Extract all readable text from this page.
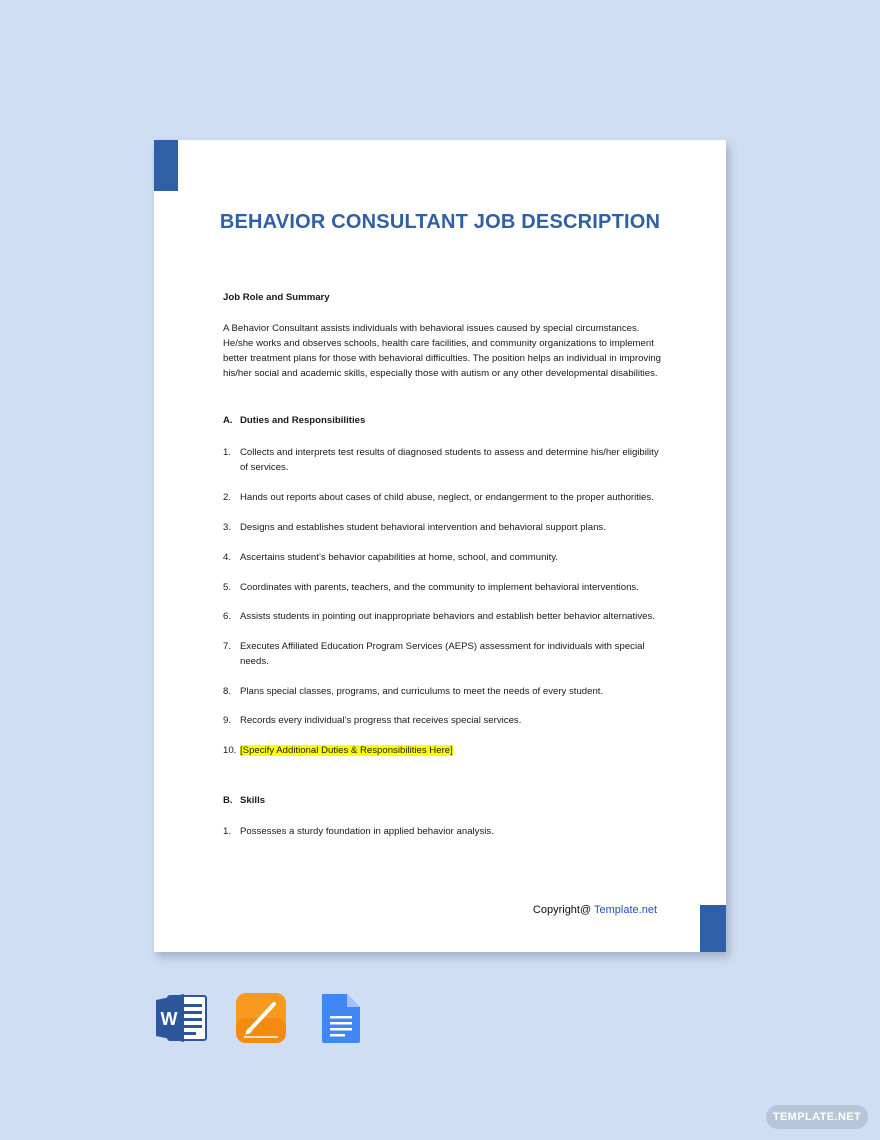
BEHAVIOR CONSULTANT JOB DESCRIPTION
Job Role and Summary
A Behavior Consultant assists individuals with behavioral issues caused by special circumstances. He/she works and observes schools, health care facilities, and community organizations to implement better treatment plans for those with behavioral difficulties. The position helps an individual in improving his/her social and academic skills, especially those with autism or any other developmental disabilities.
A. Duties and Responsibilities
1. Collects and interprets test results of diagnosed students to assess and determine his/her eligibility of services.
2. Hands out reports about cases of child abuse, neglect, or endangerment to the proper authorities.
3. Designs and establishes student behavioral intervention and behavioral support plans.
4. Ascertains student’s behavior capabilities at home, school, and community.
5. Coordinates with parents, teachers, and the community to implement behavioral interventions.
6. Assists students in pointing out inappropriate behaviors and establish better behavior alternatives.
7. Executes Affiliated Education Program Services (AEPS) assessment for individuals with special needs.
8. Plans special classes, programs, and curriculums to meet the needs of every student.
9. Records every individual’s progress that receives special services.
10. [Specify Additional Duties & Responsibilities Here]
B. Skills
1. Possesses a sturdy foundation in applied behavior analysis.
Copyright@ Template.net
W
TEMPLATE.NET
